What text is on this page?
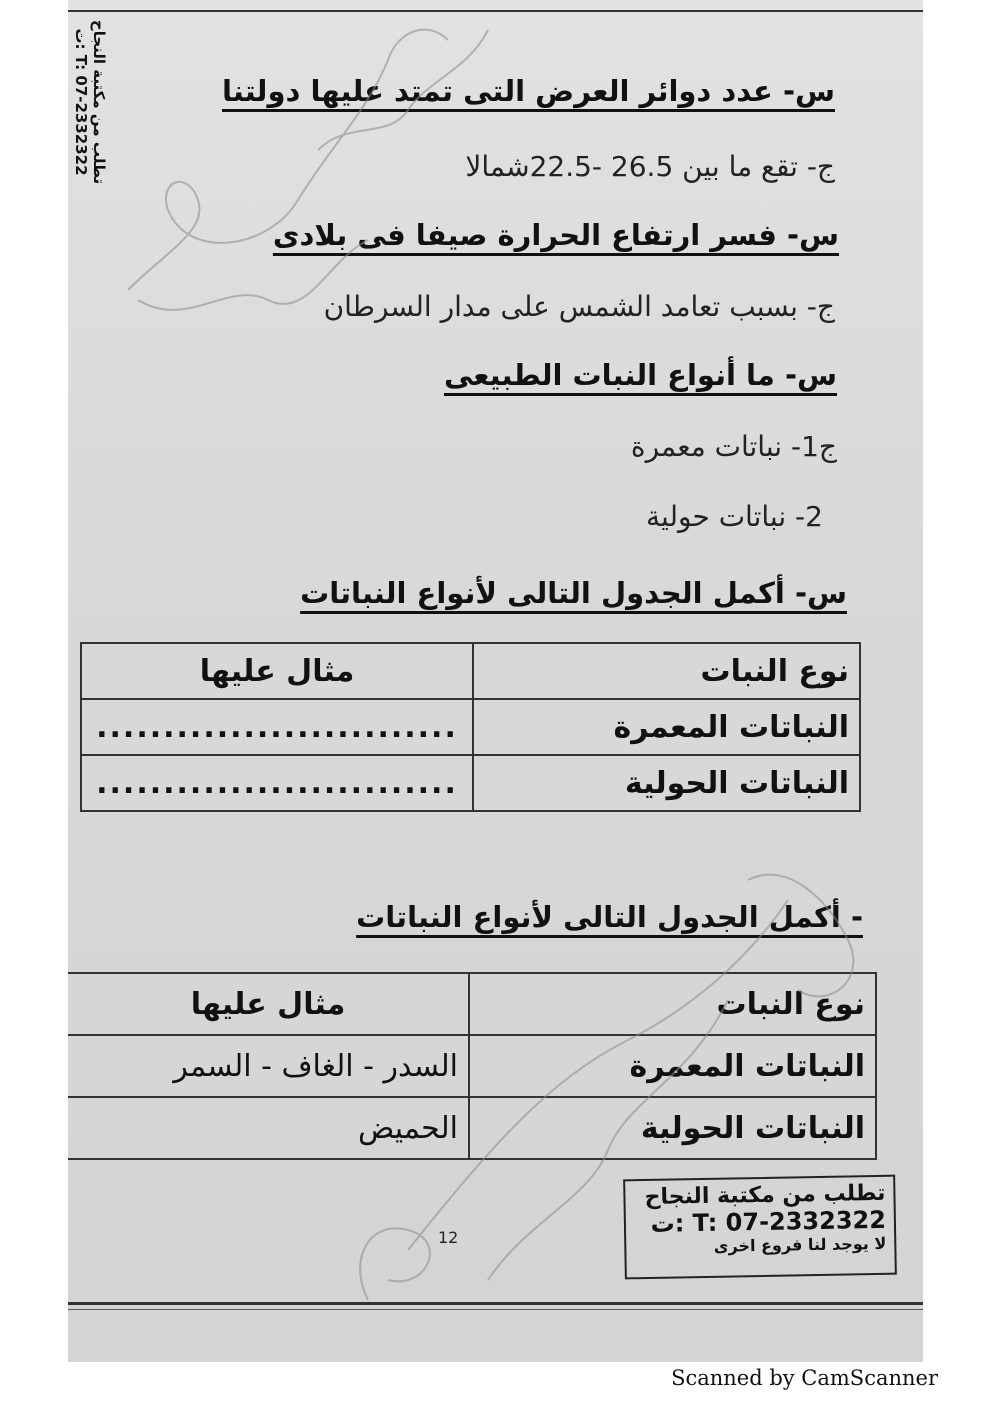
تطلب من مكتبة النجاح
T: 07-2332322 :ت	س- عدد دوائر العرض التى تمتد عليها دولتنا
ج- تقع ما بين 26.5 -22.5شمالا
س- فسر ارتفاع الحرارة صيفا فى بلادى
ج- بسبب تعامد الشمس على مدار السرطان
س- ما أنواع النبات الطبيعى
ج1- نباتات معمرة
2- نباتات حولية
س- أكمل الجدول التالى لأنواع النباتات
نوع النبات	مثال عليها
النباتات المعمرة	...........................
النباتات الحولية	...........................
- أكمل الجدول التالى لأنواع النباتات
نوع النبات	مثال عليها
النباتات المعمرة	السدر - الغاف - السمر
النباتات الحولية	الحميض
تطلب من مكتبة النجاح
T: 07-2332322 :ت
لا يوجد لنا فروع اخرى
12
Scanned by CamScanner
